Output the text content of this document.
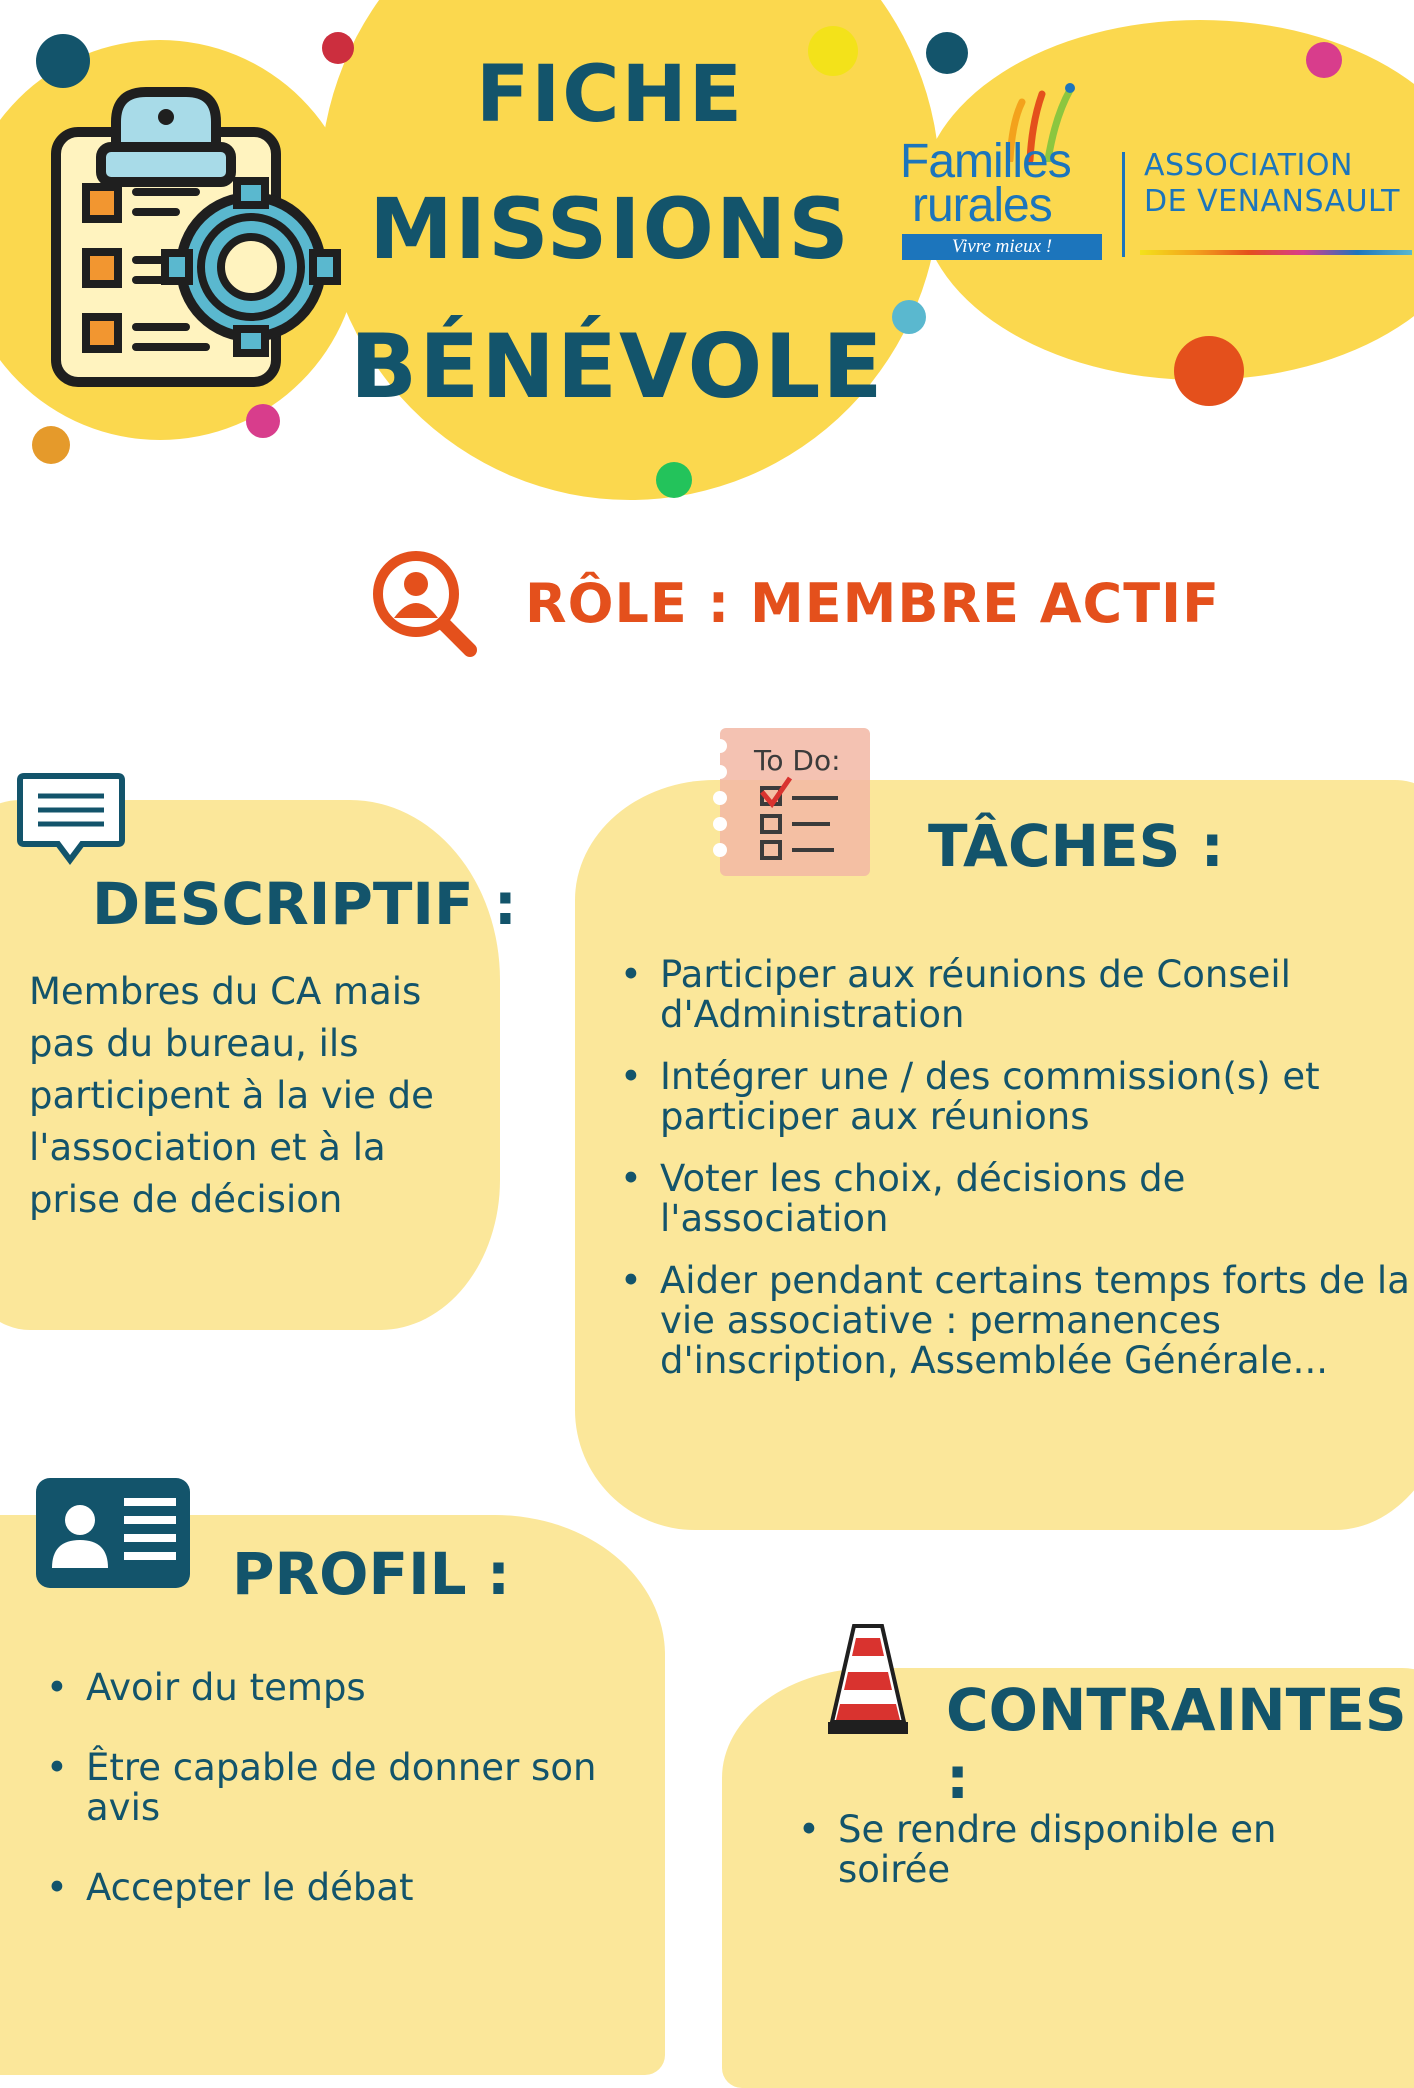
FICHE
MISSIONS
BÉNÉVOLE
Familles
rurales
Vivre mieux !
ASSOCIATION
DE VENANSAULT
RÔLE : MEMBRE ACTIF
DESCRIPTIF :
Membres du CA mais
pas du bureau, ils
participent à la vie de
l'association et à la
prise de décision
To Do:
TÂCHES :
• Participer aux réunions de Conseil d'Administration
• Intégrer une / des commission(s) et participer aux réunions
• Voter les choix, décisions de l'association
• Aider pendant certains temps forts de la vie associative : permanences d'inscription, Assemblée Générale...
PROFIL :
• Avoir du temps
• Être capable de donner son avis
• Accepter le débat
CONTRAINTES :
• Se rendre disponible en soirée
